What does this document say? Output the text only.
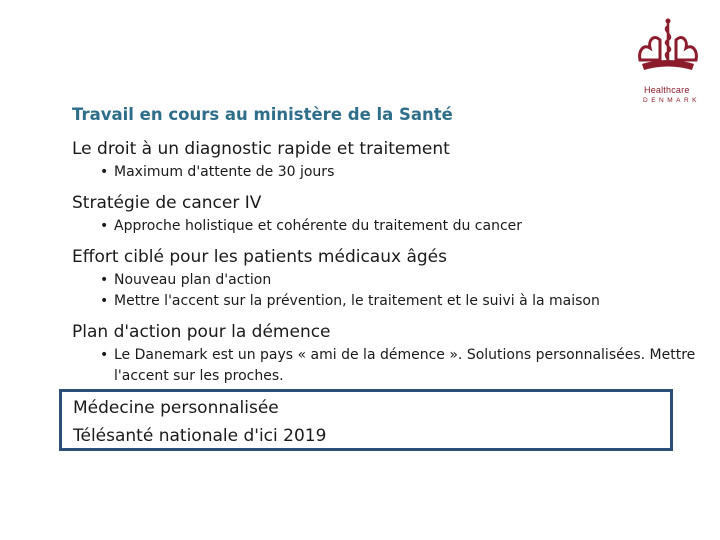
Healthcare
DENMARK
Travail en cours au ministère de la Santé
Le droit à un diagnostic rapide et traitement
• Maximum d'attente de 30 jours
Stratégie de cancer IV
• Approche holistique et cohérente du traitement du cancer
Effort ciblé pour les patients médicaux âgés
• Nouveau plan d'action
• Mettre l'accent sur la prévention, le traitement et le suivi à la maison
Plan d'action pour la démence
• Le Danemark est un pays « ami de la démence ». Solutions personnalisées. Mettre l'accent sur les proches.
Médecine personnalisée
Télésanté nationale d'ici 2019
